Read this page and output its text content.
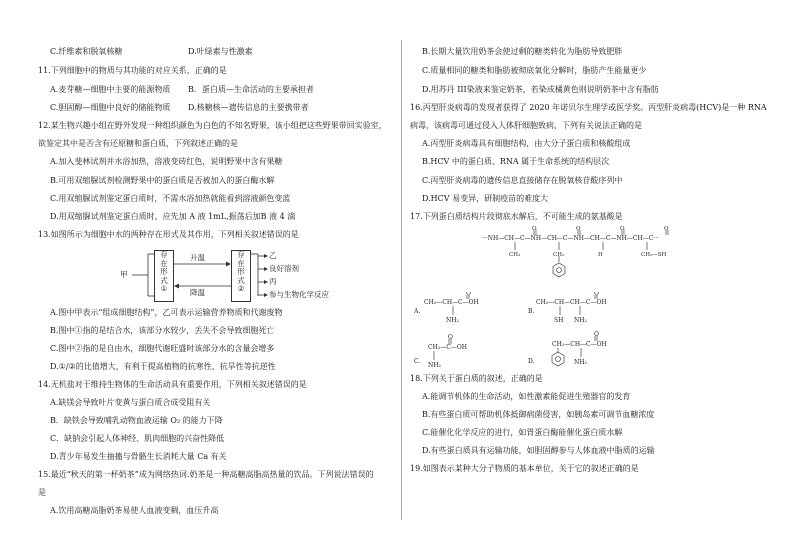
C.纤维素和脱氧核糖	D.叶绿素与性激素
11.下列细胞中的物质与其功能的对应关系，正确的是
A.麦芽糖—细胞中主要的能源物质 B．蛋白质—生命活动的主要承担者
C.胆固醇—细胞中良好的储能物质 D.核糖核—遗传信息的主要携带者
12.某生物兴趣小组在野外发现一种组织颜色为白色的不知名野果，该小组把这些野果带回实验室，
欲鉴定其中是否含有还原糖和蛋白质，下列叙述正确的是
A.加入斐林试剂并水浴加热，溶液变砖红色，说明野果中含有果糖
B.可用双缩脲试剂检测野果中的蛋白质是否被加入的蛋白酶水解
C.用双缩脲试剂鉴定蛋白质时，不需水浴加热就能看到溶液颜色变蓝
D.用双缩脲试剂鉴定蛋白质时，应先加 A 液 1mL,振荡后加B 液 4 滴
13.如图所示为细胞中水的两种存在形式及其作用，下列相关叙述错误的是
甲
存
在
形
式
①
升温
降温
存
在
形
式
②
乙
良好溶剂
丙
参与生物化学反应
A.图中甲表示“组成细胞结构”，乙可表示运输营养物质和代谢废物
B.图中①指的是结合水，该部分水较少，丢失不会导致细胞死亡
C.图中②指的是自由水，细胞代谢旺盛时该部分水的含量会增多
D.①/②的比值增大，有利于提高植物的抗寒性、抗旱性等抗逆性
14.无机盐对于维持生物体的生命活动具有重要作用，下列相关叙述错误的是
A.缺镁会导致叶片变黄与蛋白质合成受阻有关
B．缺铁会导致哺乳动物血液运输 O₂ 的能力下降
C．缺钠会引起人体神经、肌肉细胞的兴奋性降低
D.青少年易发生抽搐与骨骼生长消耗大量 Ca 有关
15.最近“秋天的第一杯奶茶”成为网络热词.奶茶是一种高糖高脂高热量的饮品。下列说法错误的
是
A.饮用高糖高脂奶茶易使人血液变稠，血压升高
B.长期大量饮用奶茶会使过剩的糖类转化为脂肪导致肥胖
C.质量相同的糖类和脂肪被彻底氧化分解时，脂肪产生能量更少
D.用苏丹 III染液来鉴定奶茶，若染成橘黄色则说明奶茶中含有脂肪
16.丙型肝炎病毒的发现者获得了 2020 年诺贝尔生理学或医学奖。丙型肝炎病毒(HCV)是一种 RNA
病毒，该病毒可通过侵入人体肝细胞致病，下列有关说法正确的是
A.丙型肝炎病毒具有细胞结构，由大分子蛋白质和核酸组成
B.HCV 中的蛋白质、RNA 属于生命系统的结构层次
C.丙型肝炎病毒的遗传信息直接储存在脱氧核苷酸序列中
D.HCV 易变异，研制疫苗的难度大
17.下列蛋白质结构片段彻底水解后，不可能生成的氨基酸是
···NH—CH—C—NH—CH—C—NH—CH—C—NH—CH—C···
O	O	O	O
CH₃	CH₂	H	CH₂—SH
A.
CH₃—CH—C—OH
NH₂
O
B.
CH₃—CH—CH—C—OH
SH NH₂
O
C.
CH₂—C—OH
NH₂
O
D.
CH₂—CH—C—OH
NH₂
O
18.下列关于蛋白质的叙述，正确的是
A.能调节机体的生命活动，如性激素能促进生殖器官的发育
B.有些蛋白质可帮助机体抵御病菌侵害，如胰岛素可调节血糖浓度
C.能催化化学反应的进行，如胃蛋白酶能催化蛋白质水解
D.有些蛋白质具有运输功能，如胆固醇参与人体血液中脂质的运输
19.如图表示某种大分子物质的基本单位，关于它的叙述正确的是
